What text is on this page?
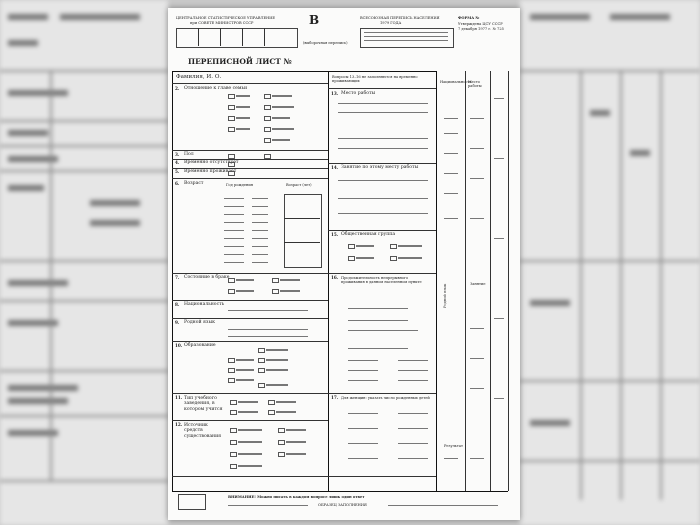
ЦЕНТРАЛЬНОЕ СТАТИСТИЧЕСКОЕ УПРАВЛЕНИЕ
при СОВЕТЕ МИНИСТРОВ СССР	В
(выборочная перепись)
ВСЕСОЮЗНАЯ ПЕРЕПИСЬ НАСЕЛЕНИЯ
1979 ГОДА
ФОРМА №
Утверждена ЦСУ СССР
7 декабря 1977 г. № 725
ПЕРЕПИСНОЙ ЛИСТ №
Фамилия, И. О.
2. Отношение к главе семьи
3. Пол
4. Временно отсутствует
5. Временно проживает
6. Возраст	Год рождения	Возраст (лет)
7. Состояние в браке
8. Национальность
9. Родной язык
10. Образование
11. Тип учебного заведения, в котором учится
12. Источник средств существования
Вопросы 13–16 не заполняются на временно проживающих
13. Место работы
14. Занятие по этому месту работы
15. Общественная группа
16. Продолжительность непрерывного проживания в данном населенном пункте
17. Для женщин: указать число рожденных детей
Национальность
Место работы
Родной язык	Занятие
Результат
ВНИМАНИЕ! Можно писать в каждом вопросе лишь один ответ
ОБРАЗЕЦ ЗАПОЛНЕНИЯ
